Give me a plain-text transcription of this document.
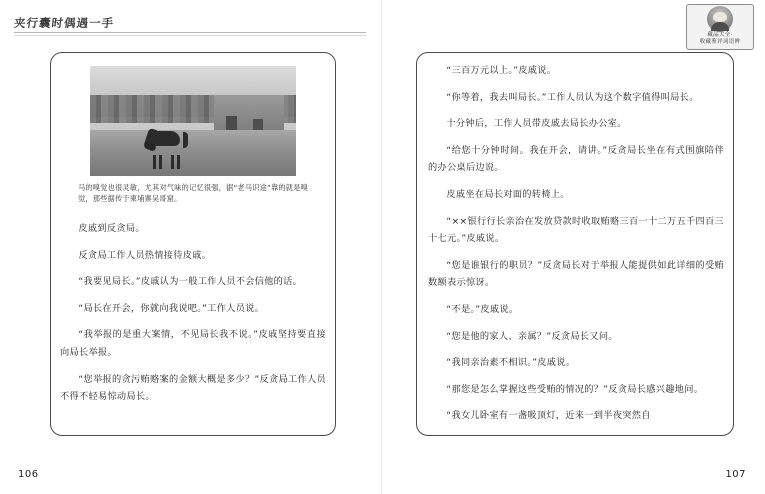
夹行囊时偶遇一手
马的嗅觉也很灵敏，尤其对气味的记忆很强，据“老马识途”靠的就是嗅觉，那些据传于柬埔寨吴哥窟。

皮戚到反贪局。

反贪局工作人员热情接待皮戚。

“我要见局长。”皮戚认为一般工作人员不会信他的话。

“局长在开会，你就向我说吧。”工作人员说。

“我举报的是重大案情，不见局长我不说。”皮戚坚持要直接向局长举报。

“您举报的贪污贿赂案的金额大概是多少？”反贪局工作人员不得不轻易惊动局长。

106
藏品大全·
收藏鉴评词语辨

“三百万元以上。”皮戚说。

“你等着，我去叫局长。”工作人员认为这个数字值得叫局长。

十分钟后，工作人员带皮戚去局长办公室。

“给您十分钟时间。我在开会，请讲。”反贪局长坐在有式围旗陪伴的办公桌后边说。

皮戚坐在局长对面的转椅上。

“××银行行长亲治在发放贷款时收取贿赂三百一十二万五千四百三十七元。”皮戚说。

“您是谁银行的职员？”反贪局长对于举报人能提供如此详细的受贿数额表示惊讶。

“不是。”皮戚说。

“您是他的家人、亲属？”反贪局长又问。

“我同亲治素不相识。”皮戚说。

“那您是怎么掌握这些受贿的情况的？”反贪局长感兴趣地问。

“我女儿卧室有一盏吸顶灯，近来一到半夜突然自

107
